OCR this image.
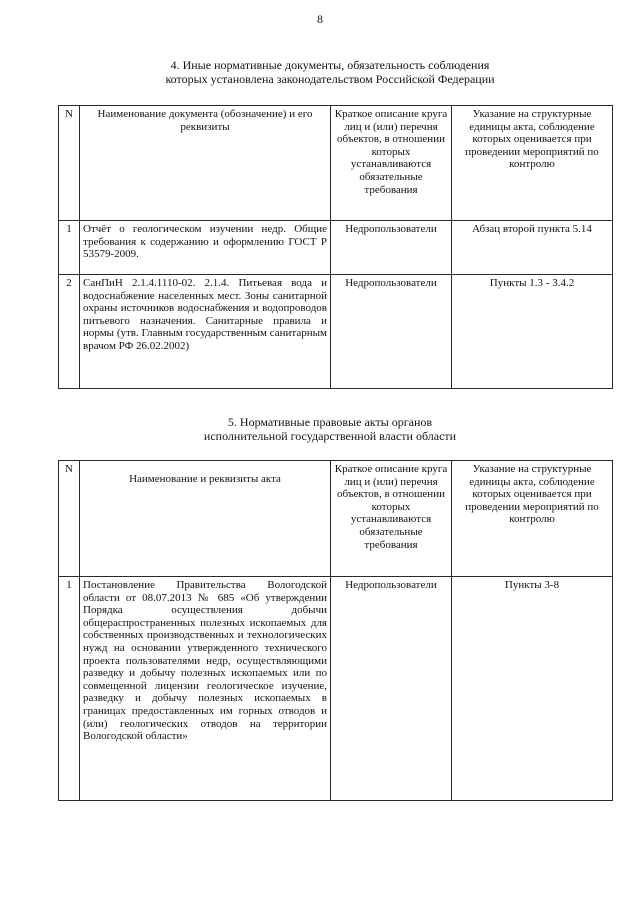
8
4. Иные нормативные документы, обязательность соблюдения
которых установлена законодательством Российской Федерации
N	Наименование документа (обозначение) и его реквизиты	Краткое описание круга лиц и (или) перечня объектов, в отношении которых устанавливаются обязательные требования	Указание на структурные единицы акта, соблюдение которых оценивается при проведении мероприятий по контролю
1	Отчёт о геологическом изучении недр. Общие требования к содержанию и оформлению ГОСТ Р 53579-2009.	Недропользователи	Абзац второй пункта 5.14
2	СанПиН 2.1.4.1110-02. 2.1.4. Питьевая вода и водоснабжение населенных мест. Зоны санитарной охраны источников водоснабжения и водопроводов питьевого назначения. Санитарные правила и нормы (утв. Главным государственным санитарным врачом РФ 26.02.2002)	Недропользователи	Пункты 1.3 - 3.4.2
5. Нормативные правовые акты органов
исполнительной государственной власти области
N	Наименование и реквизиты акта	Краткое описание круга лиц и (или) перечня объектов, в отношении которых устанавливаются обязательные требования	Указание на структурные единицы акта, соблюдение которых оценивается при проведении мероприятий по контролю
1	Постановление Правительства Вологодской области от 08.07.2013 № 685 «Об утверждении Порядка осуществления добычи общераспространенных полезных ископаемых для собственных производственных и технологических нужд на основании утвержденного технического проекта пользователями недр, осуществляющими разведку и добычу полезных ископаемых или по совмещенной лицензии геологическое изучение, разведку и добычу полезных ископаемых в границах предоставленных им горных отводов и (или) геологических отводов на территории Вологодской области»	Недропользователи	Пункты 3-8
